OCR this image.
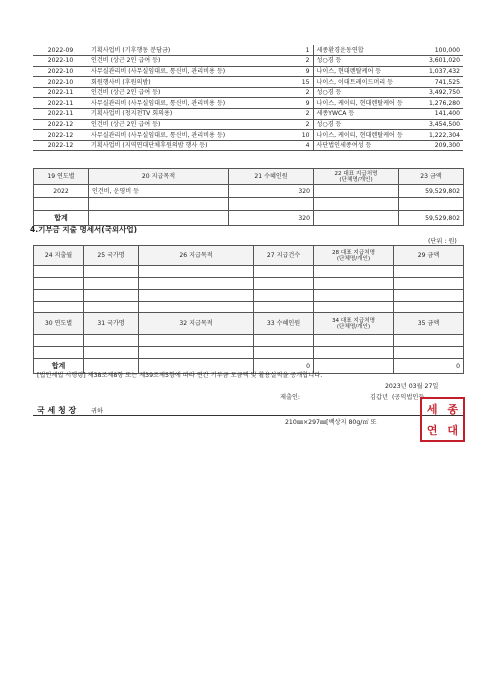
2022-09	기획사업비 (기후행동 분담금)	1	세종환경운동연합	100,000
2022-10	인건비 (상근 2인 급여 등)	2	성○경 등	3,601,020
2022-10	사무실관리비 (사무실임대료, 통신비, 관리비용 등)	9	나이스, 현대렌탈케어 등	1,037,432
2022-10	회원행사비 (후원의밤)	15	나이스, 이대트레이드머리 등	741,525
2022-11	인건비 (상근 2인 급여 등)	2	성○경 등	3,492,750
2022-11	사무실관리비 (사무실임대료, 통신비, 관리비용 등)	9	나이스, 케이티, 현대렌탈케어 등	1,276,280
2022-11	기획사업비 (청지천TV 회의용)	2	세종YWCA 등	141,400
2022-12	인건비 (상근 2인 급여 등)	2	성○경 등	3,454,500
2022-12	사무실관리비 (사무실임대료, 통신비, 관리비용 등)	10	나이스, 케이티, 현대렌탈케어 등	1,222,304
2022-12	기획사업비 (지역연대단체후원의밤 행사 등)	4	사단법인세종여성 등	209,300
19 연도별	20 지급목적	21 수혜인원	22 대표 지급처명
(단체명/개인)	23 금액
2022	인건비, 운영비 등	320		59,529,802

합계		320		59,529,802
4.기부금 지출 명세서(국외사업)
(단위 : 원)
24 지출월	25 국가명	26 지급목적	27 지급건수	28 대표 지급처명
(단체명/개인)	29 금액

30 연도별	31 국가명	32 지급목적	33 수혜인원	34 대표 지급처명
(단체명/개인)	35 금액

합계			0		0
[법인세법 시행령] 제38조제8항 또는 제39조제5항에 따라 연간 기부금 모금액 및 활용실적을 공개합니다.
2023년 03월 27일
제출인:	김갑년 (공익법인등
국 세 청 장 귀하
210㎜×297㎜[백상지 80g/㎡ 또
세 종
연 대
